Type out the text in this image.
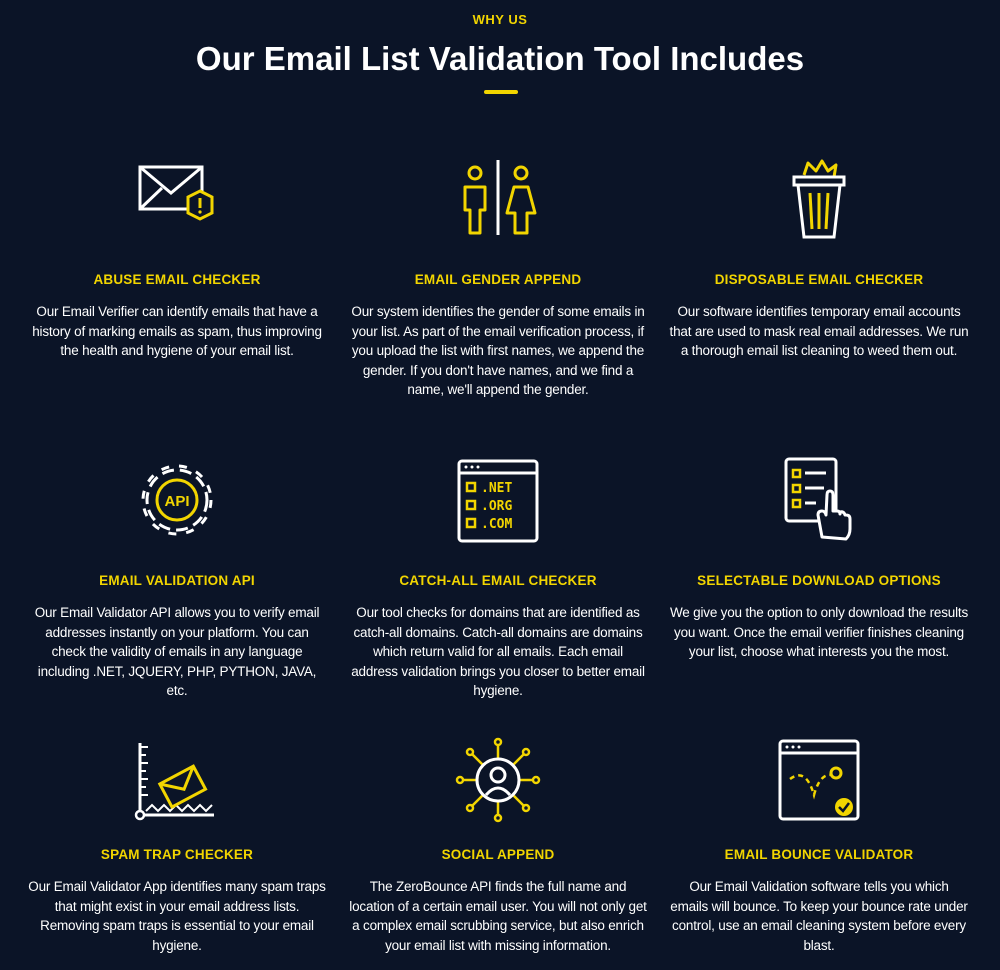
WHY US
Our Email List Validation Tool Includes
ABUSE EMAIL CHECKER

Our Email Verifier can identify emails that have a history of marking emails as spam, thus improving the health and hygiene of your email list.

EMAIL GENDER APPEND

Our system identifies the gender of some emails in your list. As part of the email verification process, if you upload the list with first names, we append the gender. If you don't have names, and we find a name, we'll append the gender.

DISPOSABLE EMAIL CHECKER

Our software identifies temporary email accounts that are used to mask real email addresses. We run a thorough email list cleaning to weed them out.

API
EMAIL VALIDATION API

Our Email Validator API allows you to verify email addresses instantly on your platform. You can check the validity of emails in any language including .NET, JQUERY, PHP, PYTHON, JAVA, etc.

.NET
.ORG
.COM
CATCH-ALL EMAIL CHECKER

Our tool checks for domains that are identified as catch-all domains. Catch-all domains are domains which return valid for all emails. Each email address validation brings you closer to better email hygiene.

SELECTABLE DOWNLOAD OPTIONS

We give you the option to only download the results you want. Once the email verifier finishes cleaning your list, choose what interests you the most.

SPAM TRAP CHECKER

Our Email Validator App identifies many spam traps that might exist in your email address lists. Removing spam traps is essential to your email hygiene.

SOCIAL APPEND

The ZeroBounce API finds the full name and location of a certain email user. You will not only get a complex email scrubbing service, but also enrich your email list with missing information.

EMAIL BOUNCE VALIDATOR

Our Email Validation software tells you which emails will bounce. To keep your bounce rate under control, use an email cleaning system before every blast.
